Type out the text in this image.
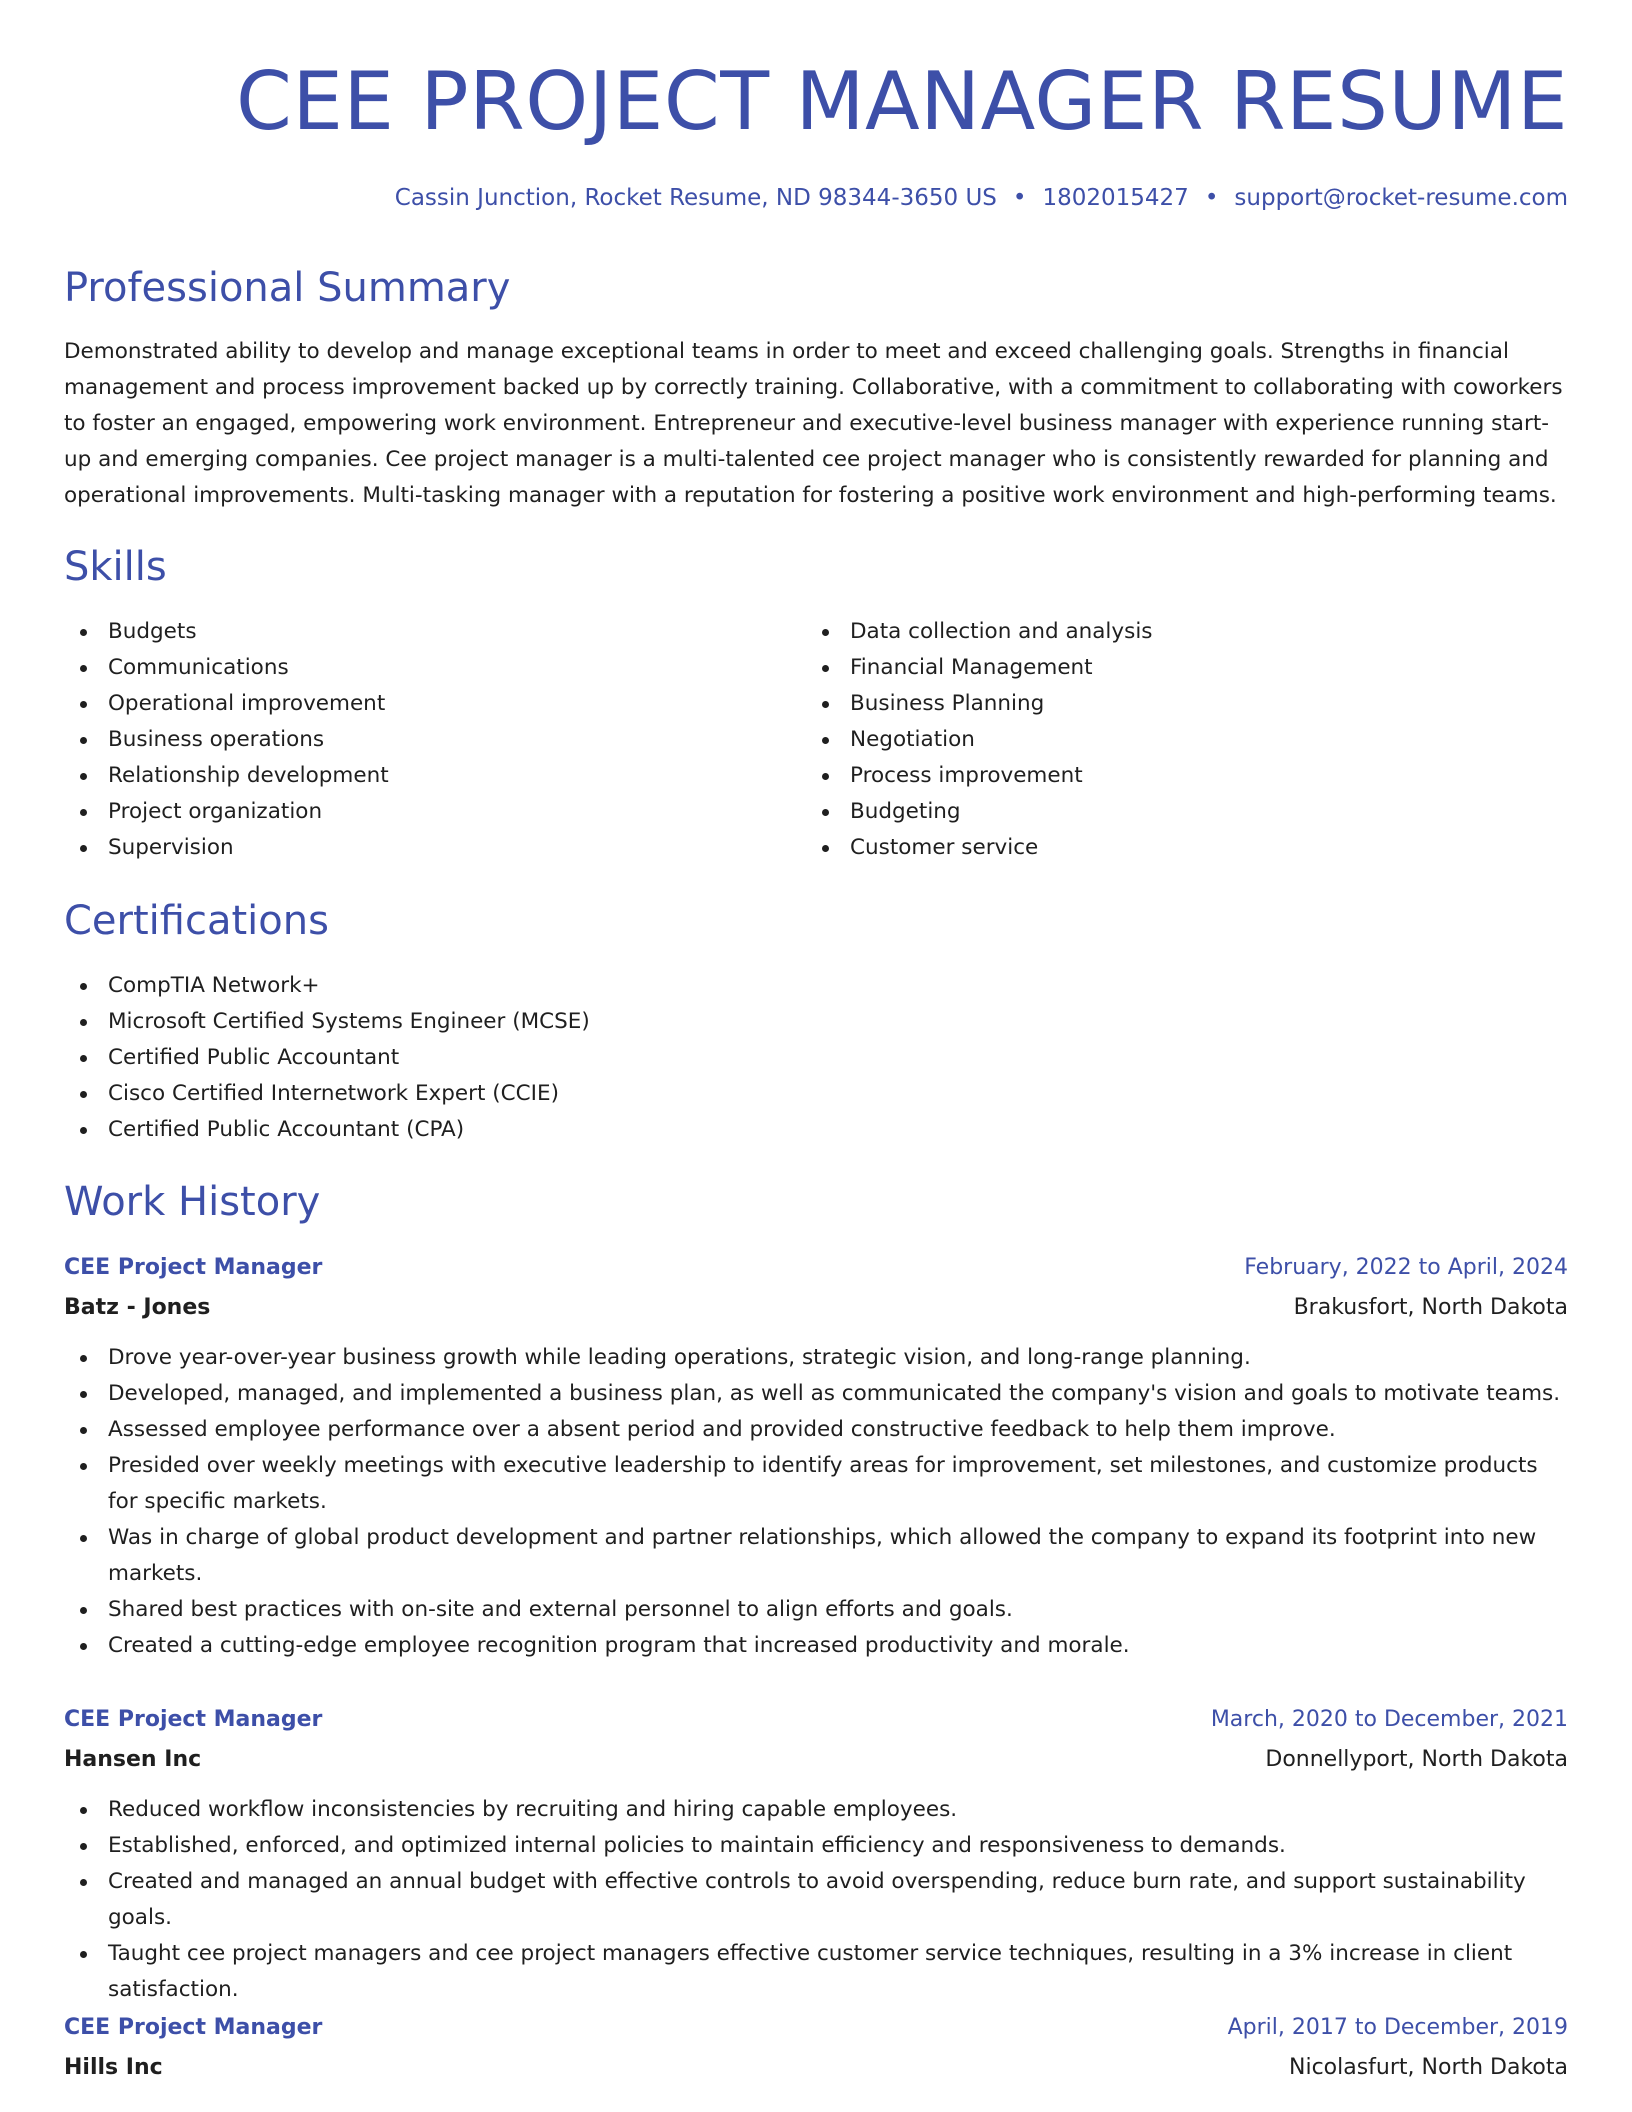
CEE PROJECT MANAGER RESUME
Cassin Junction, Rocket Resume, ND 98344-3650 US • 1802015427 • support@rocket-resume.com
Professional Summary

Demonstrated ability to develop and manage exceptional teams in order to meet and exceed challenging goals. Strengths in financial management and process improvement backed up by correctly training. Collaborative, with a commitment to collaborating with coworkers to foster an engaged, empowering work environment. Entrepreneur and executive-level business manager with experience running start-up and emerging companies. Cee project manager is a multi-talented cee project manager who is consistently rewarded for planning and operational improvements. Multi-tasking manager with a reputation for fostering a positive work environment and high-performing teams.

Skills
Budgets
Communications
Operational improvement
Business operations
Relationship development
Project organization
Supervision
Data collection and analysis
Financial Management
Business Planning
Negotiation
Process improvement
Budgeting
Customer service
Certifications
CompTIA Network+
Microsoft Certified Systems Engineer (MCSE)
Certified Public Accountant
Cisco Certified Internetwork Expert (CCIE)
Certified Public Accountant (CPA)
Work History
CEE Project Manager	February, 2022 to April, 2024
Batz - Jones	Brakusfort, North Dakota
Drove year-over-year business growth while leading operations, strategic vision, and long-range planning.
Developed, managed, and implemented a business plan, as well as communicated the company's vision and goals to motivate teams.
Assessed employee performance over a absent period and provided constructive feedback to help them improve.
Presided over weekly meetings with executive leadership to identify areas for improvement, set milestones, and customize products for specific markets.
Was in charge of global product development and partner relationships, which allowed the company to expand its footprint into new markets.
Shared best practices with on-site and external personnel to align efforts and goals.
Created a cutting-edge employee recognition program that increased productivity and morale.
CEE Project Manager	March, 2020 to December, 2021
Hansen Inc	Donnellyport, North Dakota
Reduced workflow inconsistencies by recruiting and hiring capable employees.
Established, enforced, and optimized internal policies to maintain efficiency and responsiveness to demands.
Created and managed an annual budget with effective controls to avoid overspending, reduce burn rate, and support sustainability goals.
Taught cee project managers and cee project managers effective customer service techniques, resulting in a 3% increase in client satisfaction.
CEE Project Manager	April, 2017 to December, 2019
Hills Inc	Nicolasfurt, North Dakota
